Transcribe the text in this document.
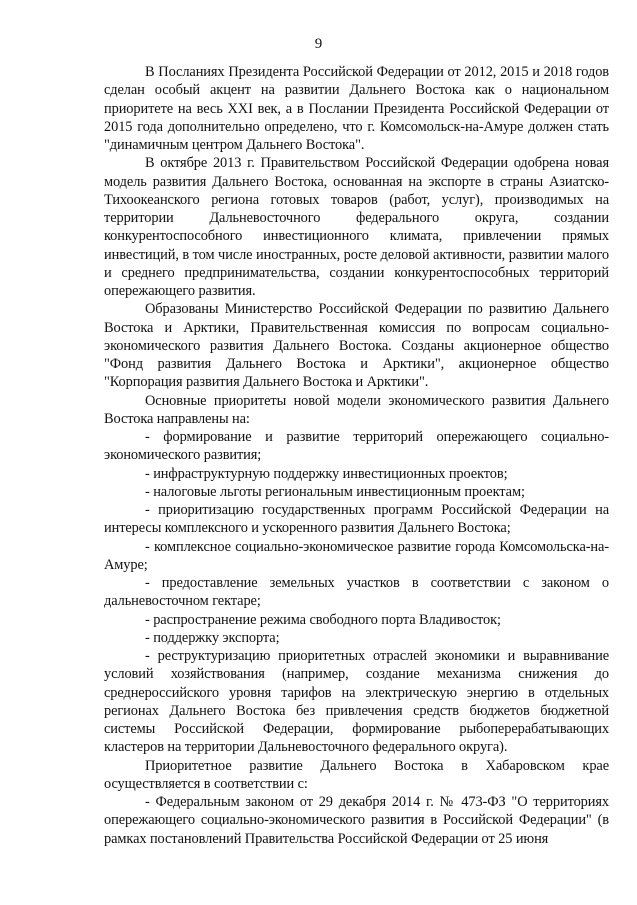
9

В Посланиях Президента Российской Федерации от 2012, 2015 и 2018 годов сделан особый акцент на развитии Дальнего Востока как о национальном приоритете на весь XXI век, а в Послании Президента Российской Федерации от 2015 года дополнительно определено, что г. Комсомольск-на-Амуре должен стать "динамичным центром Дальнего Востока".

В октябре 2013 г. Правительством Российской Федерации одобрена новая модель развития Дальнего Востока, основанная на экспорте в страны Азиатско-Тихоокеанского региона готовых товаров (работ, услуг), производимых на территории Дальневосточного федерального округа, создании конкурентоспособного инвестиционного климата, привлечении прямых инвестиций, в том числе иностранных, росте деловой активности, развитии малого и среднего предпринимательства, создании конкурентоспособных территорий опережающего развития.

Образованы Министерство Российской Федерации по развитию Дальнего Востока и Арктики, Правительственная комиссия по вопросам социально-экономического развития Дальнего Востока. Созданы акционерное общество "Фонд развития Дальнего Востока и Арктики", акционерное общество "Корпорация развития Дальнего Востока и Арктики".

Основные приоритеты новой модели экономического развития Дальнего Востока направлены на:

- формирование и развитие территорий опережающего социально-экономического развития;

- инфраструктурную поддержку инвестиционных проектов;

- налоговые льготы региональным инвестиционным проектам;

- приоритизацию государственных программ Российской Федерации на интересы комплексного и ускоренного развития Дальнего Востока;

- комплексное социально-экономическое развитие города Комсомольска-на-Амуре;

- предоставление земельных участков в соответствии с законом о дальневосточном гектаре;

- распространение режима свободного порта Владивосток;

- поддержку экспорта;

- реструктуризацию приоритетных отраслей экономики и выравнивание условий хозяйствования (например, создание механизма снижения до среднероссийского уровня тарифов на электрическую энергию в отдельных регионах Дальнего Востока без привлечения средств бюджетов бюджетной системы Российской Федерации, формирование рыбоперерабатывающих кластеров на территории Дальневосточного федерального округа).

Приоритетное развитие Дальнего Востока в Хабаровском крае осуществляется в соответствии с:

- Федеральным законом от 29 декабря 2014 г. № 473-ФЗ "О территориях опережающего социально-экономического развития в Российской Федерации" (в рамках постановлений Правительства Российской Федерации от 25 июня
